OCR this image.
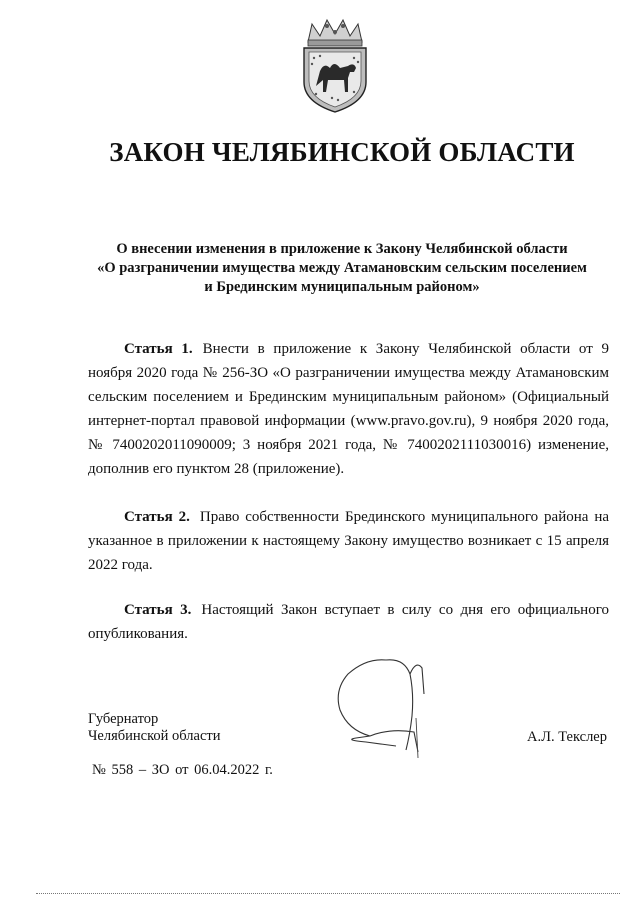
ЗАКОН ЧЕЛЯБИНСКОЙ ОБЛАСТИ
О внесении изменения в приложение к Закону Челябинской области
«О разграничении имущества между Атамановским сельским поселением
и Брединским муниципальным районом»
Статья 1. Внести в приложение к Закону Челябинской области от 9 ноября 2020 года № 256-ЗО «О разграничении имущества между Атамановским сельским поселением и Брединским муниципальным районом» (Официальный интернет-портал правовой информации (www.pravo.gov.ru), 9 ноября 2020 года, № 7400202011090009; 3 ноября 2021 года, № 7400202111030016) изменение, дополнив его пунктом 28 (приложение).
Статья 2. Право собственности Брединского муниципального района на указанное в приложении к настоящему Закону имущество возникает с 15 апреля 2022 года.
Статья 3. Настоящий Закон вступает в силу со дня его официального опубликования.
Губернатор
Челябинской области	А.Л. Текслер
№ 558 – ЗО от 06.04.2022 г.
